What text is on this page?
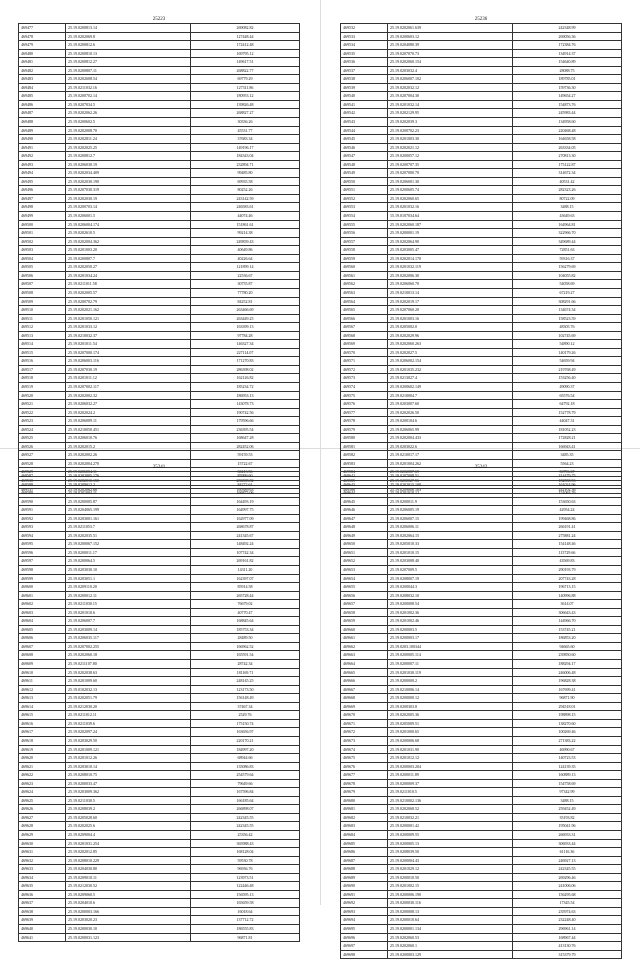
25223
469477	25.19.0200813.14	269082.82
469478	25.19.0202069.8	127448.44
469479	25.19.0200812.6	172412.48
469480	25.19.0200810.13	169795.12
469481	25.19.0200812.27	149617.51
469482	25.19.0200807.11	268822.77
469483	25.19.0202608.54	69779.29
469484	25.19.0211032.16	127311.86
469485	25.19.0200702.14	180953.12
469486	25.19.0207034.5	139826.48
469487	25.19.0202062.26	268827.27
469488	25.19.0200602.5	30336.26
469489	25.19.0202008.70	45531.77
469490	25.19.0202811.24	37683.34
469491	25.19.0202025.25	149196.17
469492	25.19.0200812.7	184343.04
469493	25.19.0206030.19	232894.71
469494	25.19.0202034.409	99485.80
469495	25.19.0202030.190	69935.58
469496	25.19.0207030.319	80252.26
469497	25.19.0202030.19	243142.59
469498	25.19.0200703.14	246583.61
469499	25.19.0206001.5	44074.46
469500	25.19.0206004.174	151861.61
469501	25.19.0202610.5	99214.38
469502	25.19.0202004.362	249839.43
469503	25.19.0201003.20	40649.86
469504	25.19.0200807.7	40226.64
469505	25.19.0202050.27	121899.14
469506	25.19.0201034.24	22536.67
469507	25.19.0211011.58	30755.87
469508	25.19.0202005.57	77780.20
469509	25.19.0200702.79	84252.81
469510	25.19.0202021.162	263466.69
469511	25.19.0201050.121	263449.25
469512	25.19.0201033.12	163399.13
469513	25.19.0210032.37	97784.28
469514	25.19.0201011.54	146327.34
469515	25.19.0207000.174	227114.07
469516	25.19.0206003.116	171270.83
469517	25.19.0207030.19	286398.02
469518	25.19.0201011.12	162126.82
469519	25.19.0207002.117	185234.72
469520	25.19.0202002.32	186953.13
469521	25.19.0206032.27	143078.73
469522	25.19.0202024.2	190742.56
469523	25.19.0206009.11	179596.66
469524	25.19.0210050.451	236395.54
469525	25.19.0206010.76	168647.28
469526	25.19.0202015.2	282452.06
469527	25.19.0202002.26	59159.53
469528	25.19.0202004.270	15722.67
469529	25.19.0206004.11	60413.56
469530	25.19.0202010.150	286598.82
469531	25.19.0202062.66	169389.63
25236
469532	25.19.0202061.639	242348.99
469533	25.19.0200603.12	269056.36
469534	25.19.0204080.39	172384.76
469535	25.19.0207070.73	134914.37
469536	25.19.0202060.154	154640.89
469537	25.19.0203032.4	28088.75
469538	25.19.0206007.102	189785.01
469539	25.19.0202032.12	159736.30
469540	25.19.0207004.30	149654.27
469541	25.19.0201032.14	154873.76
469542	25.19.0202129.95	245983.44
469543	25.19.0202039.3	134958.60
469544	25.19.0200702.23	220468.48
469545	25.19.0201003.30	164658.58
469546	25.19.0202021.12	263334.05
469547	25.19.0200057.12	270813.30
469548	25.19.0200707.35	175122.87
469549	25.19.0207000.70	314672.34
469550	25.19.0206001.30	40531.42
469551	25.19.0200605.74	282323.26
469552	25.19.0202060.65	80722.09
469553	25.19.0201032.16	3488.15
469554	15.19.0107034.64	43649.63
469555	25.19.0202060.187	164964.81
469556	25.19.0200001.19	322966.70
469557	25.19.0202064.90	349689.44
469558	25.19.0203005.47	72851.63
469559	25.19.0202014.170	59316.37
469560	25.19.0201032.119	156279.69
469561	25.19.0202006.30	104055.82
469562	25.19.0206060.70	54058.69
469563	25.19.0210013.14	67219.27
469564	25.19.0202019.17	308291.66
469565	25.19.0207060.20	134674.34
469566	25.19.0201003.16	158523.59
469567	25.19.0205002.0	48305.76
469568	25.19.0202029.96	102745.69
469569	25.19.0202060.263	54890.12
469570	25.19.0202027.5	140179.26
469571	25.19.0206002.154	54659.94
469572	25.19.0201035.232	219768.49
469573	25.19.0213027.4	153256.40
469574	25.19.0200602.149	49090.37
469575	25.19.0210004.7	65576.54
469576	25.19.0203007.60	64792.18
469577	25.19.0202026.50	152778.79
469578	25.19.0200104.6	44047.31
469579	25.19.0206065.99	181052.23
469580	25.19.0202004.433	172828.21
469581	25.19.0203022.6	166943.41
469582	25.19.0210017.17	3485.35
469583	25.19.0201004.262	5564.23
469584	25.19.0202007.69	50796.67
469585	25.19.0200027.56	182558.53
469586	25.19.0209006.103	242102.36
25241
469587	25.19.0202005.176	85999.60
469588	25.19.0209012.2	84272.61
469589	25.19.0201004.11	166875.06
469590	25.19.0200005.87	164493.19
469591	25.19.0204065.199	164997.75
469592	25.19.0203001.161	162977.09
469593	25.19.0211053.7	268678.87
469594	25.19.0202035.51	241345.67
469595	25.19.0200067.152	148492.24
469596	25.19.0200011.17	107742.34
469597	25.19.0200064.5	269161.82
469598	25.19.0203030.10	14311.20
469599	25.19.0203051.1	162397.07
469600	25.19.0209110.20	85914.58
469601	25.19.0200012.11	265728.44
469602	25.19.0211030.15	76679.02
469603	25.19.0201010.6	40770.47
469604	25.19.0206007.7	168845.64
469605	25.19.0203009.14	185753.34
469606	25.19.0206035.117	28489.50
469607	25.19.0207002.255	166962.52
469608	25.19.0202060.18	165591.54
469609	25.19.0211107.80	28742.34
469610	25.19.0202038.63	181169.71
469611	25.19.0201009.60	248145.25
469612	25.19.0102032.13	123173.50
469613	25.19.0202051.79	156148.49
469614	25.19.0212030.20	37467.34
469615	25.19.0211012.11	2529.76
469616	25.19.0211039.6	175150.74
469617	25.19.0202097.24	163656.97
469618	25.19.0203029.50	220170.21
469619	25.19.0201009.121	184997.20
469620	25.19.0201012.26	68944.66
469621	25.19.0203010.14	135086.83
469622	25.19.0208010.75	254579.64
469623	25.19.0200033.47	79649.66
469624	25.19.0203009.362	167596.84
469625	25.19.0211030.5	166185.64
469626	25.19.0208039.2	266898.07
469627	25.19.0205028.60	242345.55
469628	25.19.0202025.6	242345.55
469629	25.19.0209004.4	25356.42
469630	25.19.0201031.254	365988.43
469631	25.19.0202012.85	168128.04
469632	25.19.0208010.229	59530.78
469633	25.19.0204030.80	96936.76
469634	25.19.0209010.11	123973.51
469635	25.19.0212030.52	122446.48
469636	25.19.0209060.5	156595.13
469637	25.19.0204010.6	165659.58
469638	25.19.0200003.166	16018.64
469639	25.19.0203020.23	137712.72
469640	25.19.0200030.10	186555.83
469641	25.19.0200031.123	96871.81
25242
469642	25.19.0207008.51	314479.75
469643	25.19.0202015.100	161024.96
469644	25.19.0201010.12	151063.76
469645	25.19.0200011.9	153650.63
469646	25.19.0206005.19	42954.24
469647	25.19.0206007.15	199468.86
469648	25.19.0206006.11	266191.41
469649	25.19.0202064.15	275881.24
469650	25.19.0205010.33	154148.46
469651	25.19.0201010.15	115729.66
469652	25.19.0203008.40	43569.83
469653	25.19.0207009.5	290193.79
469654	25.19.0208007.19	207743.28
469655	25.19.0200044.3	196713.15
469656	25.19.0208032.10	140996.88
469657	25.19.0200008.54	3614.07
469658	25.19.0201002.36	306643.43
469659	25.19.0201002.46	144966.70
469660	25.19.0200003.5	153745.21
469661	25.19.0200003.17	186853.20
469662	25.19.0203.100344	94665.60
469663	25.19.0200005.114	239850.60
469664	25.19.0200007.11	188294.17
469665	25.19.0201030.119	246006.48
469666	25.19.0200000.2	196828.38
469667	25.19.0210006.14	167699.41
469668	25.19.0200000.12	96871.90
469669	25.19.0200303.8	294518.01
469670	25.19.0202005.36	198898.15
469671	25.19.0205009.51	138270.60
469672	25.19.0201000.65	100269.46
469673	25.19.0200006.68	271383.22
469674	25.19.0201031.90	46990.67
469675	25.19.0201012.12	140723.53
469676	25.19.0200003.204	124139.35
469677	25.19.0200011.89	160889.13
469678	25.19.0200009.37	154758.69
469679	25.19.0211010.5	97342.99
469680	25.19.0210002.136	3488.15
469681	25.19.0202068.52	259452.49
469682	25.19.0210032.21	35193.82
469683	25.19.0200001.42	195041.96
469684	25.19.0200009.55	266933.31
469685	25.19.0200005.13	306933.44
469686	25.19.0208039.50	61116.36
469687	25.19.0200004.43	246927.13
469688	25.19.0201029.12	242345.55
469689	25.19.0200010.50	269296.46
469690	25.19.0201002.15	241006.06
469691	25.19.0200006.190	156295.68
469692	25.19.0200030.116	17345.54
469693	25.19.0200008.13	235974.63
469694	25.19.0200010.64	232248.40
469695	25.19.0200001.134	296961.14
469696	25.19.0202060.53	168967.44
469697	25.19.0202060.1	413130.76
469698	25.19.0200003.129	315379.79
